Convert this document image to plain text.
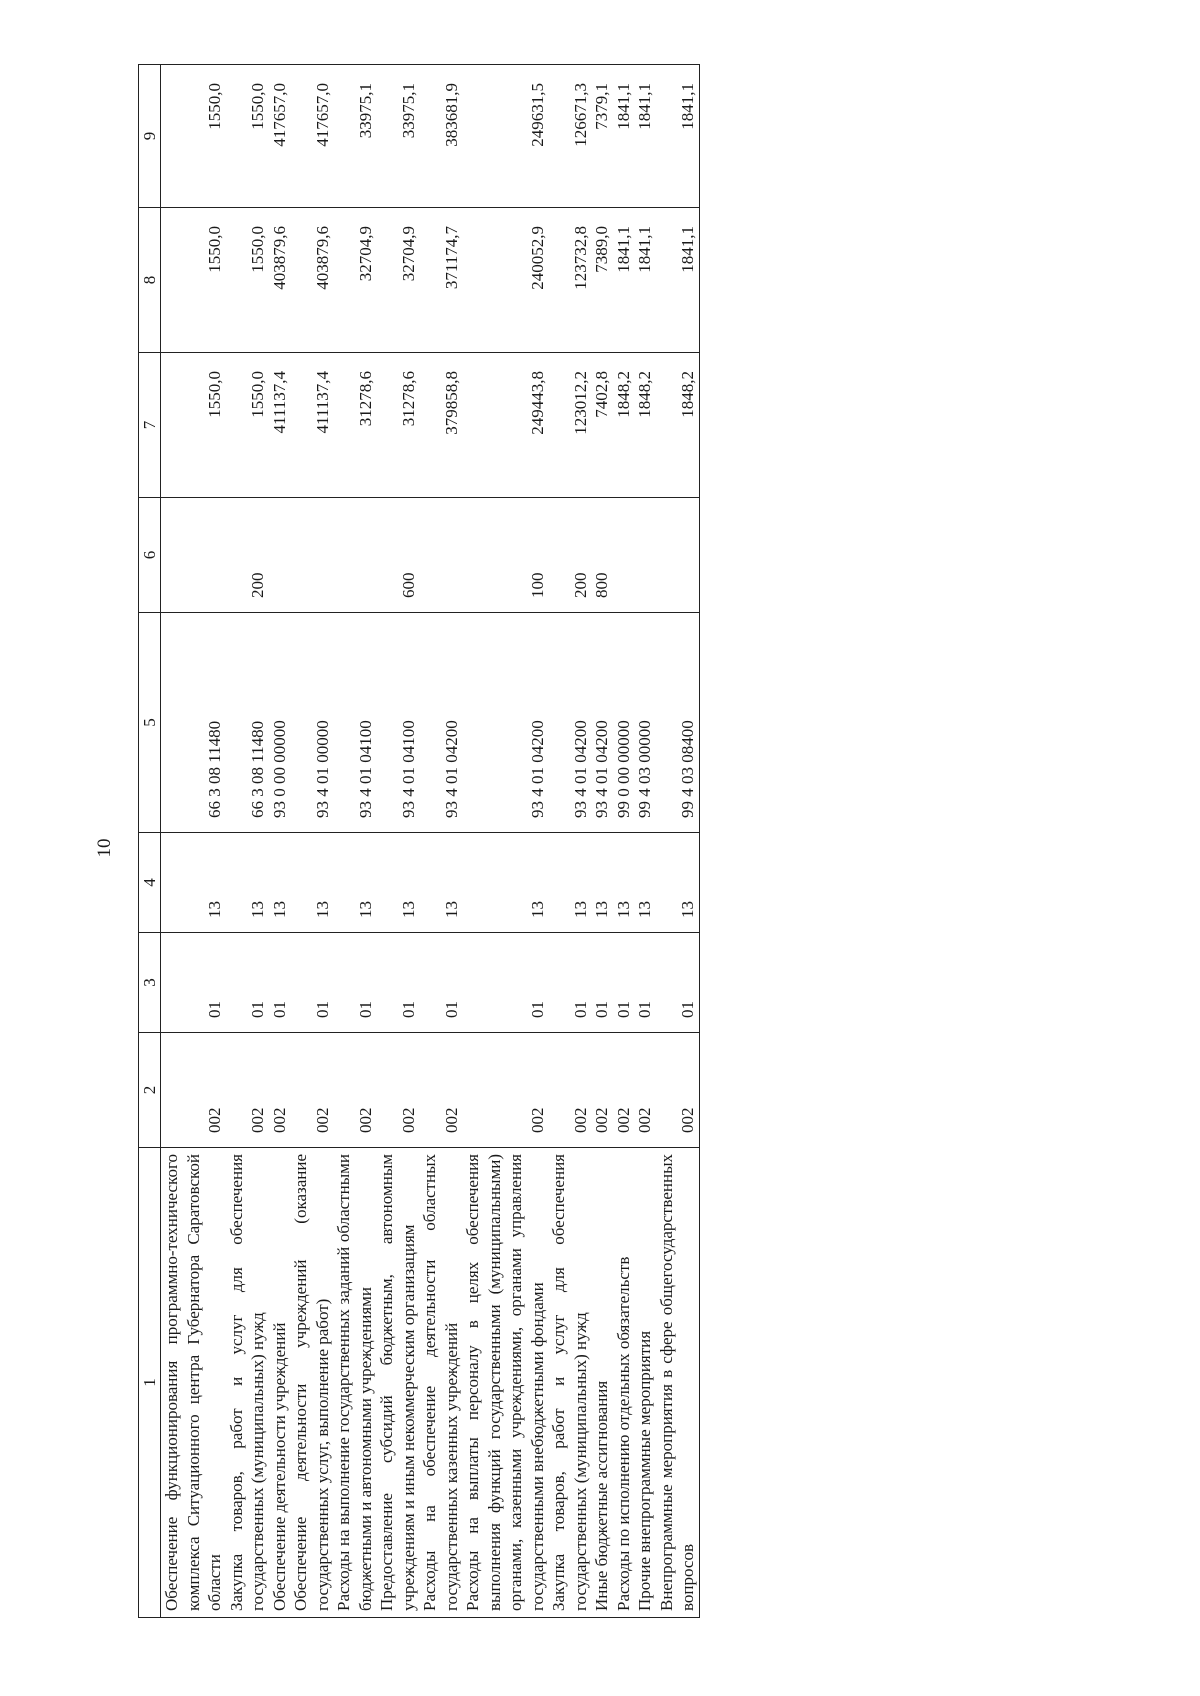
10
1	2	3	4	5	6	7	8	9
Обеспечение функционирования программно-технического комплекса Ситуационного центра Губернатора Саратовской области	002	01	13	66 3 08 11480		1550,0	1550,0	1550,0
Закупка товаров, работ и услуг для обеспечения государственных (муниципальных) нужд	002	01	13	66 3 08 11480	200	1550,0	1550,0	1550,0
Обеспечение деятельности учреждений	002	01	13	93 0 00 00000		411137,4	403879,6	417657,0
Обеспечение деятельности учреждений (оказание государственных услуг, выполнение работ)	002	01	13	93 4 01 00000		411137,4	403879,6	417657,0
Расходы на выполнение государственных заданий областными бюджетными и автономными учреждениями	002	01	13	93 4 01 04100		31278,6	32704,9	33975,1
Предоставление субсидий бюджетным, автономным учреждениям и иным некоммерческим организациям	002	01	13	93 4 01 04100	600	31278,6	32704,9	33975,1
Расходы на обеспечение деятельности областных государственных казенных учреждений	002	01	13	93 4 01 04200		379858,8	371174,7	383681,9
Расходы на выплаты персоналу в целях обеспечения выполнения функций государственными (муниципальными) органами, казенными учреждениями, органами управления государственными внебюджетными фондами	002	01	13	93 4 01 04200	100	249443,8	240052,9	249631,5
Закупка товаров, работ и услуг для обеспечения государственных (муниципальных) нужд	002	01	13	93 4 01 04200	200	123012,2	123732,8	126671,3
Иные бюджетные ассигнования	002	01	13	93 4 01 04200	800	7402,8	7389,0	7379,1
Расходы по исполнению отдельных обязательств	002	01	13	99 0 00 00000		1848,2	1841,1	1841,1
Прочие внепрограммные мероприятия	002	01	13	99 4 03 00000		1848,2	1841,1	1841,1
Внепрограммные мероприятия в сфере общегосударственных вопросов	002	01	13	99 4 03 08400		1848,2	1841,1	1841,1
